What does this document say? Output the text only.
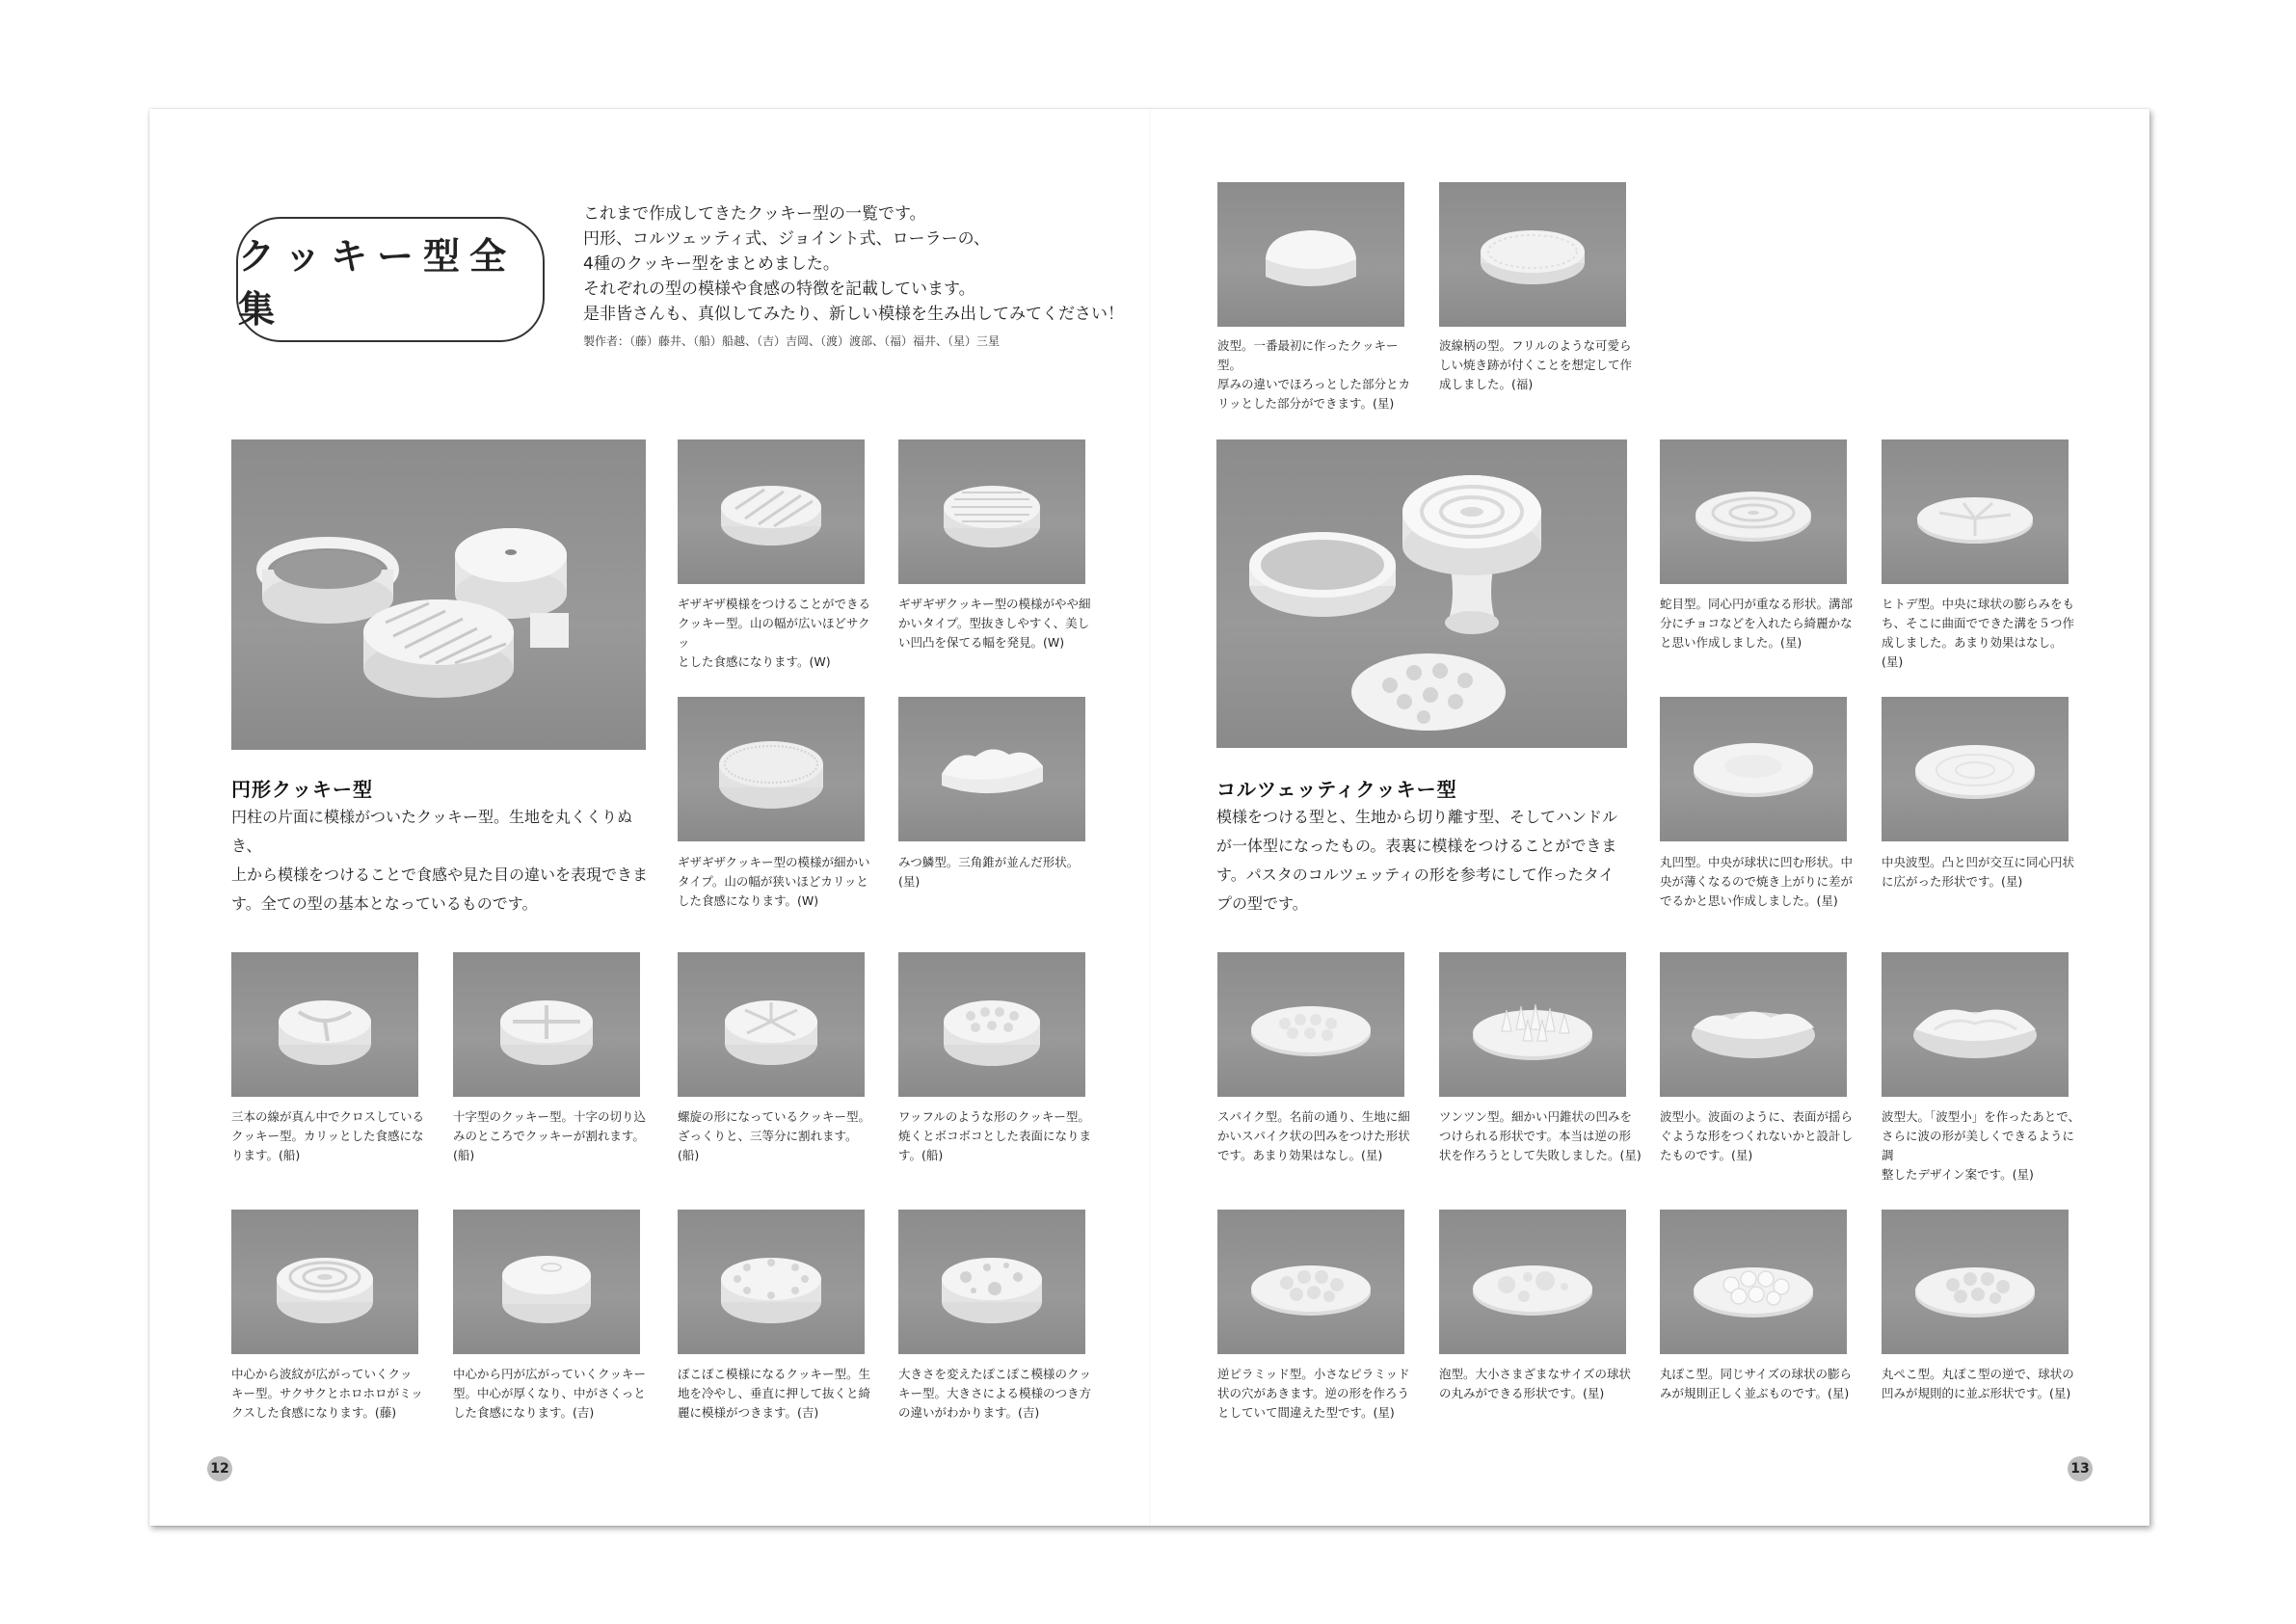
クッキー型全集

これまで作成してきたクッキー型の一覧です。

円形、コルツェッティ式、ジョイント式、ローラーの、

4種のクッキー型をまとめました。

それぞれの型の模様や食感の特徴を記載しています。

是非皆さんも、真似してみたり、新しい模様を生み出してみてください！

製作者：（藤）藤井、（船）船越、（吉）吉岡、（渡）渡部、（福）福井、（星）三星
円形クッキー型
円柱の片面に模様がついたクッキー型。生地を丸くくりぬき、
上から模様をつけることで食感や見た目の違いを表現できま
す。全ての型の基本となっているものです。
ギザギザ模様をつけることができる
クッキー型。山の幅が広いほどサクッ
とした食感になります。(W)
ギザギザクッキー型の模様がやや細
かいタイプ。型抜きしやすく、美し
い凹凸を保てる幅を発見。(W)
ギザギザクッキー型の模様が細かい
タイプ。山の幅が狭いほどカリッと
した食感になります。(W)
みつ鱗型。三角錐が並んだ形状。(星)
三本の線が真ん中でクロスしている
クッキー型。カリッとした食感にな
ります。(船)
十字型のクッキー型。十字の切り込
みのところでクッキーが割れます。
(船)
螺旋の形になっているクッキー型。
ざっくりと、三等分に割れます。(船)
ワッフルのような形のクッキー型。
焼くとボコボコとした表面になりま
す。(船)
中心から波紋が広がっていくクッ
キー型。サクサクとホロホロがミッ
クスした食感になります。(藤)
中心から円が広がっていくクッキー
型。中心が厚くなり、中がさくっと
した食感になります。(吉)
ぽこぽこ模様になるクッキー型。生
地を冷やし、垂直に押して抜くと綺
麗に模様がつきます。(吉)
大きさを変えたぽこぽこ模様のクッ
キー型。大きさによる模様のつき方
の違いがわかります。(吉)
12
波型。一番最初に作ったクッキー型。
厚みの違いでほろっとした部分とカ
リッとした部分ができます。(星)
波線柄の型。フリルのような可愛ら
しい焼き跡が付くことを想定して作
成しました。(福)
コルツェッティクッキー型
模様をつける型と、生地から切り離す型、そしてハンドル
が一体型になったもの。表裏に模様をつけることができま
す。パスタのコルツェッティの形を参考にして作ったタイ
プの型です。
蛇目型。同心円が重なる形状。溝部
分にチョコなどを入れたら綺麗かな
と思い作成しました。(星)
ヒトデ型。中央に球状の膨らみをも
ち、そこに曲面でできた溝を５つ作
成しました。あまり効果はなし。(星)
丸凹型。中央が球状に凹む形状。中
央が薄くなるので焼き上がりに差が
でるかと思い作成しました。(星)
中央波型。凸と凹が交互に同心円状
に広がった形状です。(星)
スパイク型。名前の通り、生地に細
かいスパイク状の凹みをつけた形状
です。あまり効果はなし。(星)
ツンツン型。細かい円錐状の凹みを
つけられる形状です。本当は逆の形
状を作ろうとして失敗しました。(星)
波型小。波面のように、表面が揺ら
ぐような形をつくれないかと設計し
たものです。(星)
波型大。「波型小」を作ったあとで、
さらに波の形が美しくできるように調
整したデザイン案です。(星)
逆ピラミッド型。小さなピラミッド
状の穴があきます。逆の形を作ろう
としていて間違えた型です。(星)
泡型。大小さまざまなサイズの球状
の丸みができる形状です。(星)
丸ぽこ型。同じサイズの球状の膨ら
みが規則正しく並ぶものです。(星)
丸ぺこ型。丸ぽこ型の逆で、球状の
凹みが規則的に並ぶ形状です。(星)
13
